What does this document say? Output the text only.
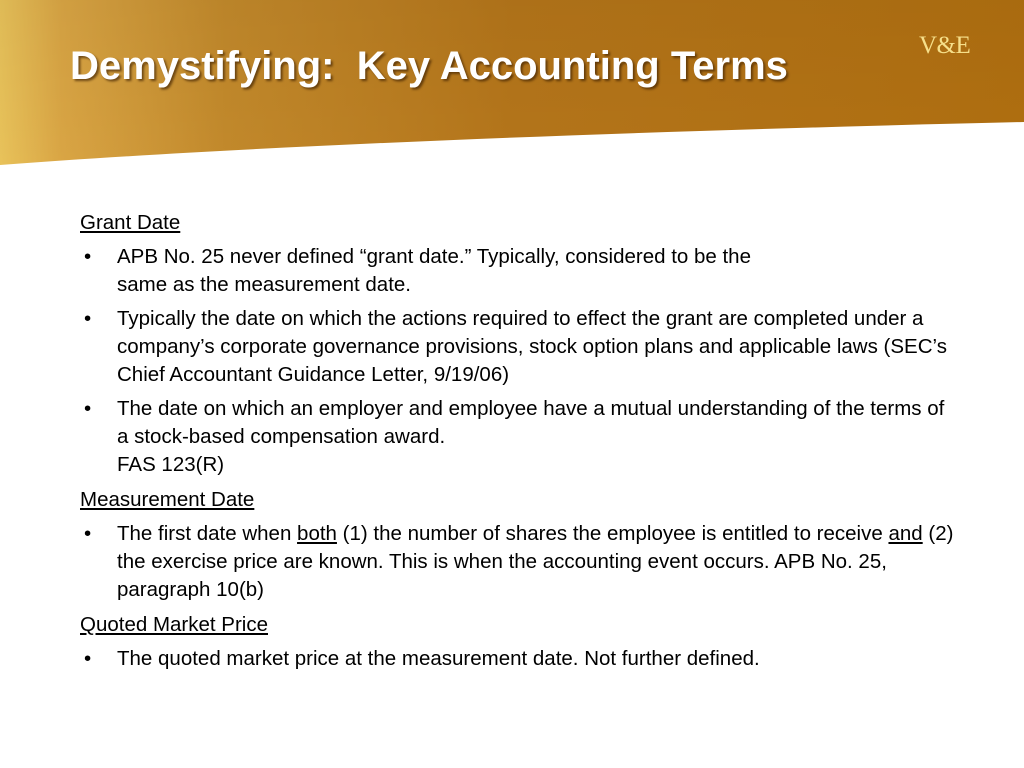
Demystifying:  Key Accounting Terms	V&E
Grant Date
• APB No. 25 never defined “grant date.” Typically, considered to be the
same as the measurement date.
• Typically the date on which the actions required to effect the grant are completed under a company’s corporate governance provisions, stock option plans and applicable laws (SEC’s Chief Accountant Guidance Letter, 9/19/06)
• The date on which an employer and employee have a mutual understanding of the terms of a stock-based compensation award.
FAS 123(R)
Measurement Date
• The first date when both (1) the number of shares the employee is entitled to receive and (2) the exercise price are known. This is when the accounting event occurs. APB No. 25, paragraph 10(b)
Quoted Market Price
• The quoted market price at the measurement date. Not further defined.
